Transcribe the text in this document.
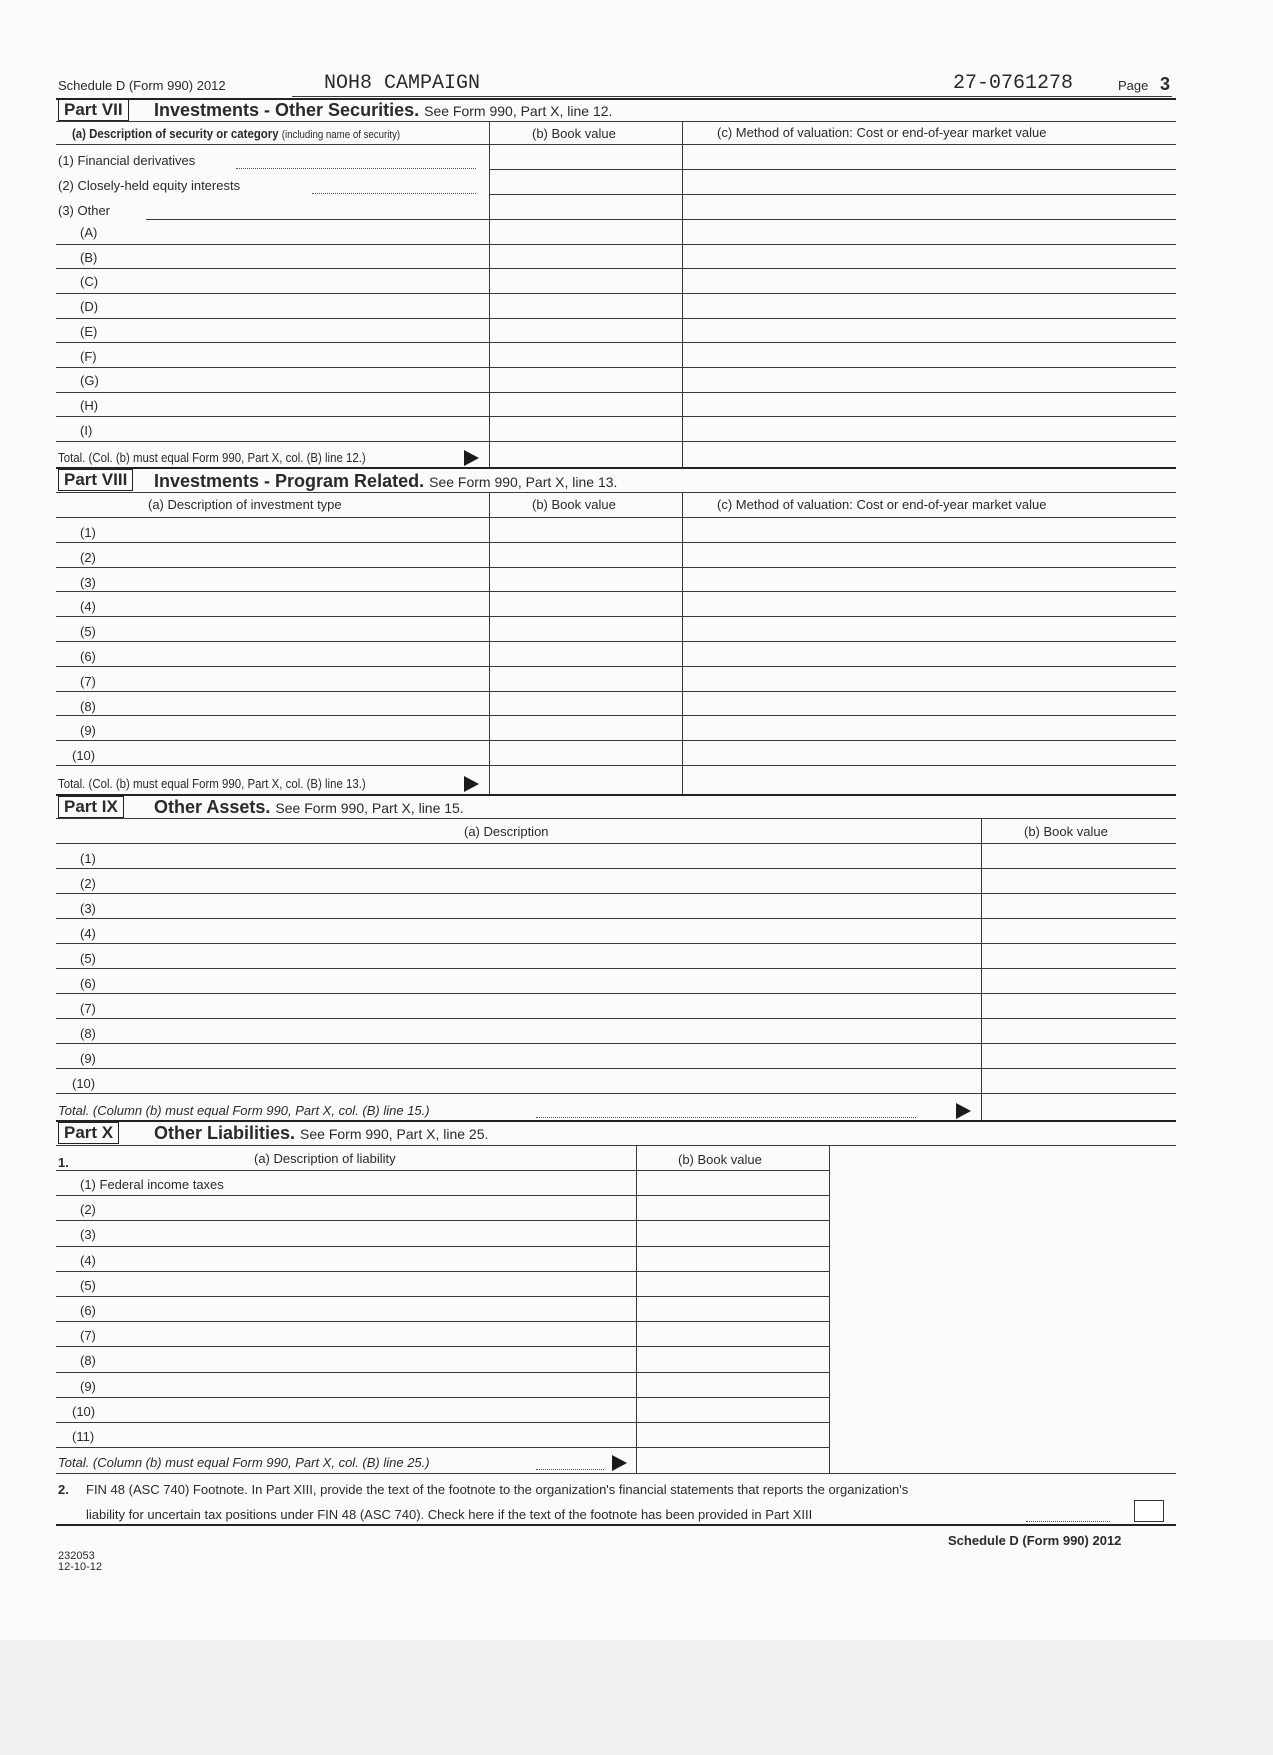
Schedule D (Form 990) 2012	NOH8 CAMPAIGN	27-0761278	Page 3
Part VII	Investments - Other Securities. See Form 990, Part X, line 12.
(a) Description of security or category (including name of security)	(b) Book value	(c) Method of valuation: Cost or end-of-year market value
(1) Financial derivatives
(2) Closely-held equity interests
(3) Other
(A)
(B)
(C)
(D)
(E)
(F)
(G)
(H)
(I)
Total. (Col. (b) must equal Form 990, Part X, col. (B) line 12.)
Part VIII	Investments - Program Related. See Form 990, Part X, line 13.
(a) Description of investment type	(b) Book value	(c) Method of valuation: Cost or end-of-year market value
(1)
(2)
(3)
(4)
(5)
(6)
(7)
(8)
(9)
(10)
Total. (Col. (b) must equal Form 990, Part X, col. (B) line 13.)
Part IX	Other Assets. See Form 990, Part X, line 15.
(a) Description	(b) Book value
(1)
(2)
(3)
(4)
(5)
(6)
(7)
(8)
(9)
(10)
Total. (Column (b) must equal Form 990, Part X, col. (B) line 15.)
Part X	Other Liabilities. See Form 990, Part X, line 25.
1.	(a) Description of liability	(b) Book value
(1) Federal income taxes
(2)
(3)
(4)
(5)
(6)
(7)
(8)
(9)
(10)
(11)
Total. (Column (b) must equal Form 990, Part X, col. (B) line 25.)
2. FIN 48 (ASC 740) Footnote. In Part XIII, provide the text of the footnote to the organization's financial statements that reports the organization's
liability for uncertain tax positions under FIN 48 (ASC 740). Check here if the text of the footnote has been provided in Part XIII
Schedule D (Form 990) 2012
232053
12-10-12
